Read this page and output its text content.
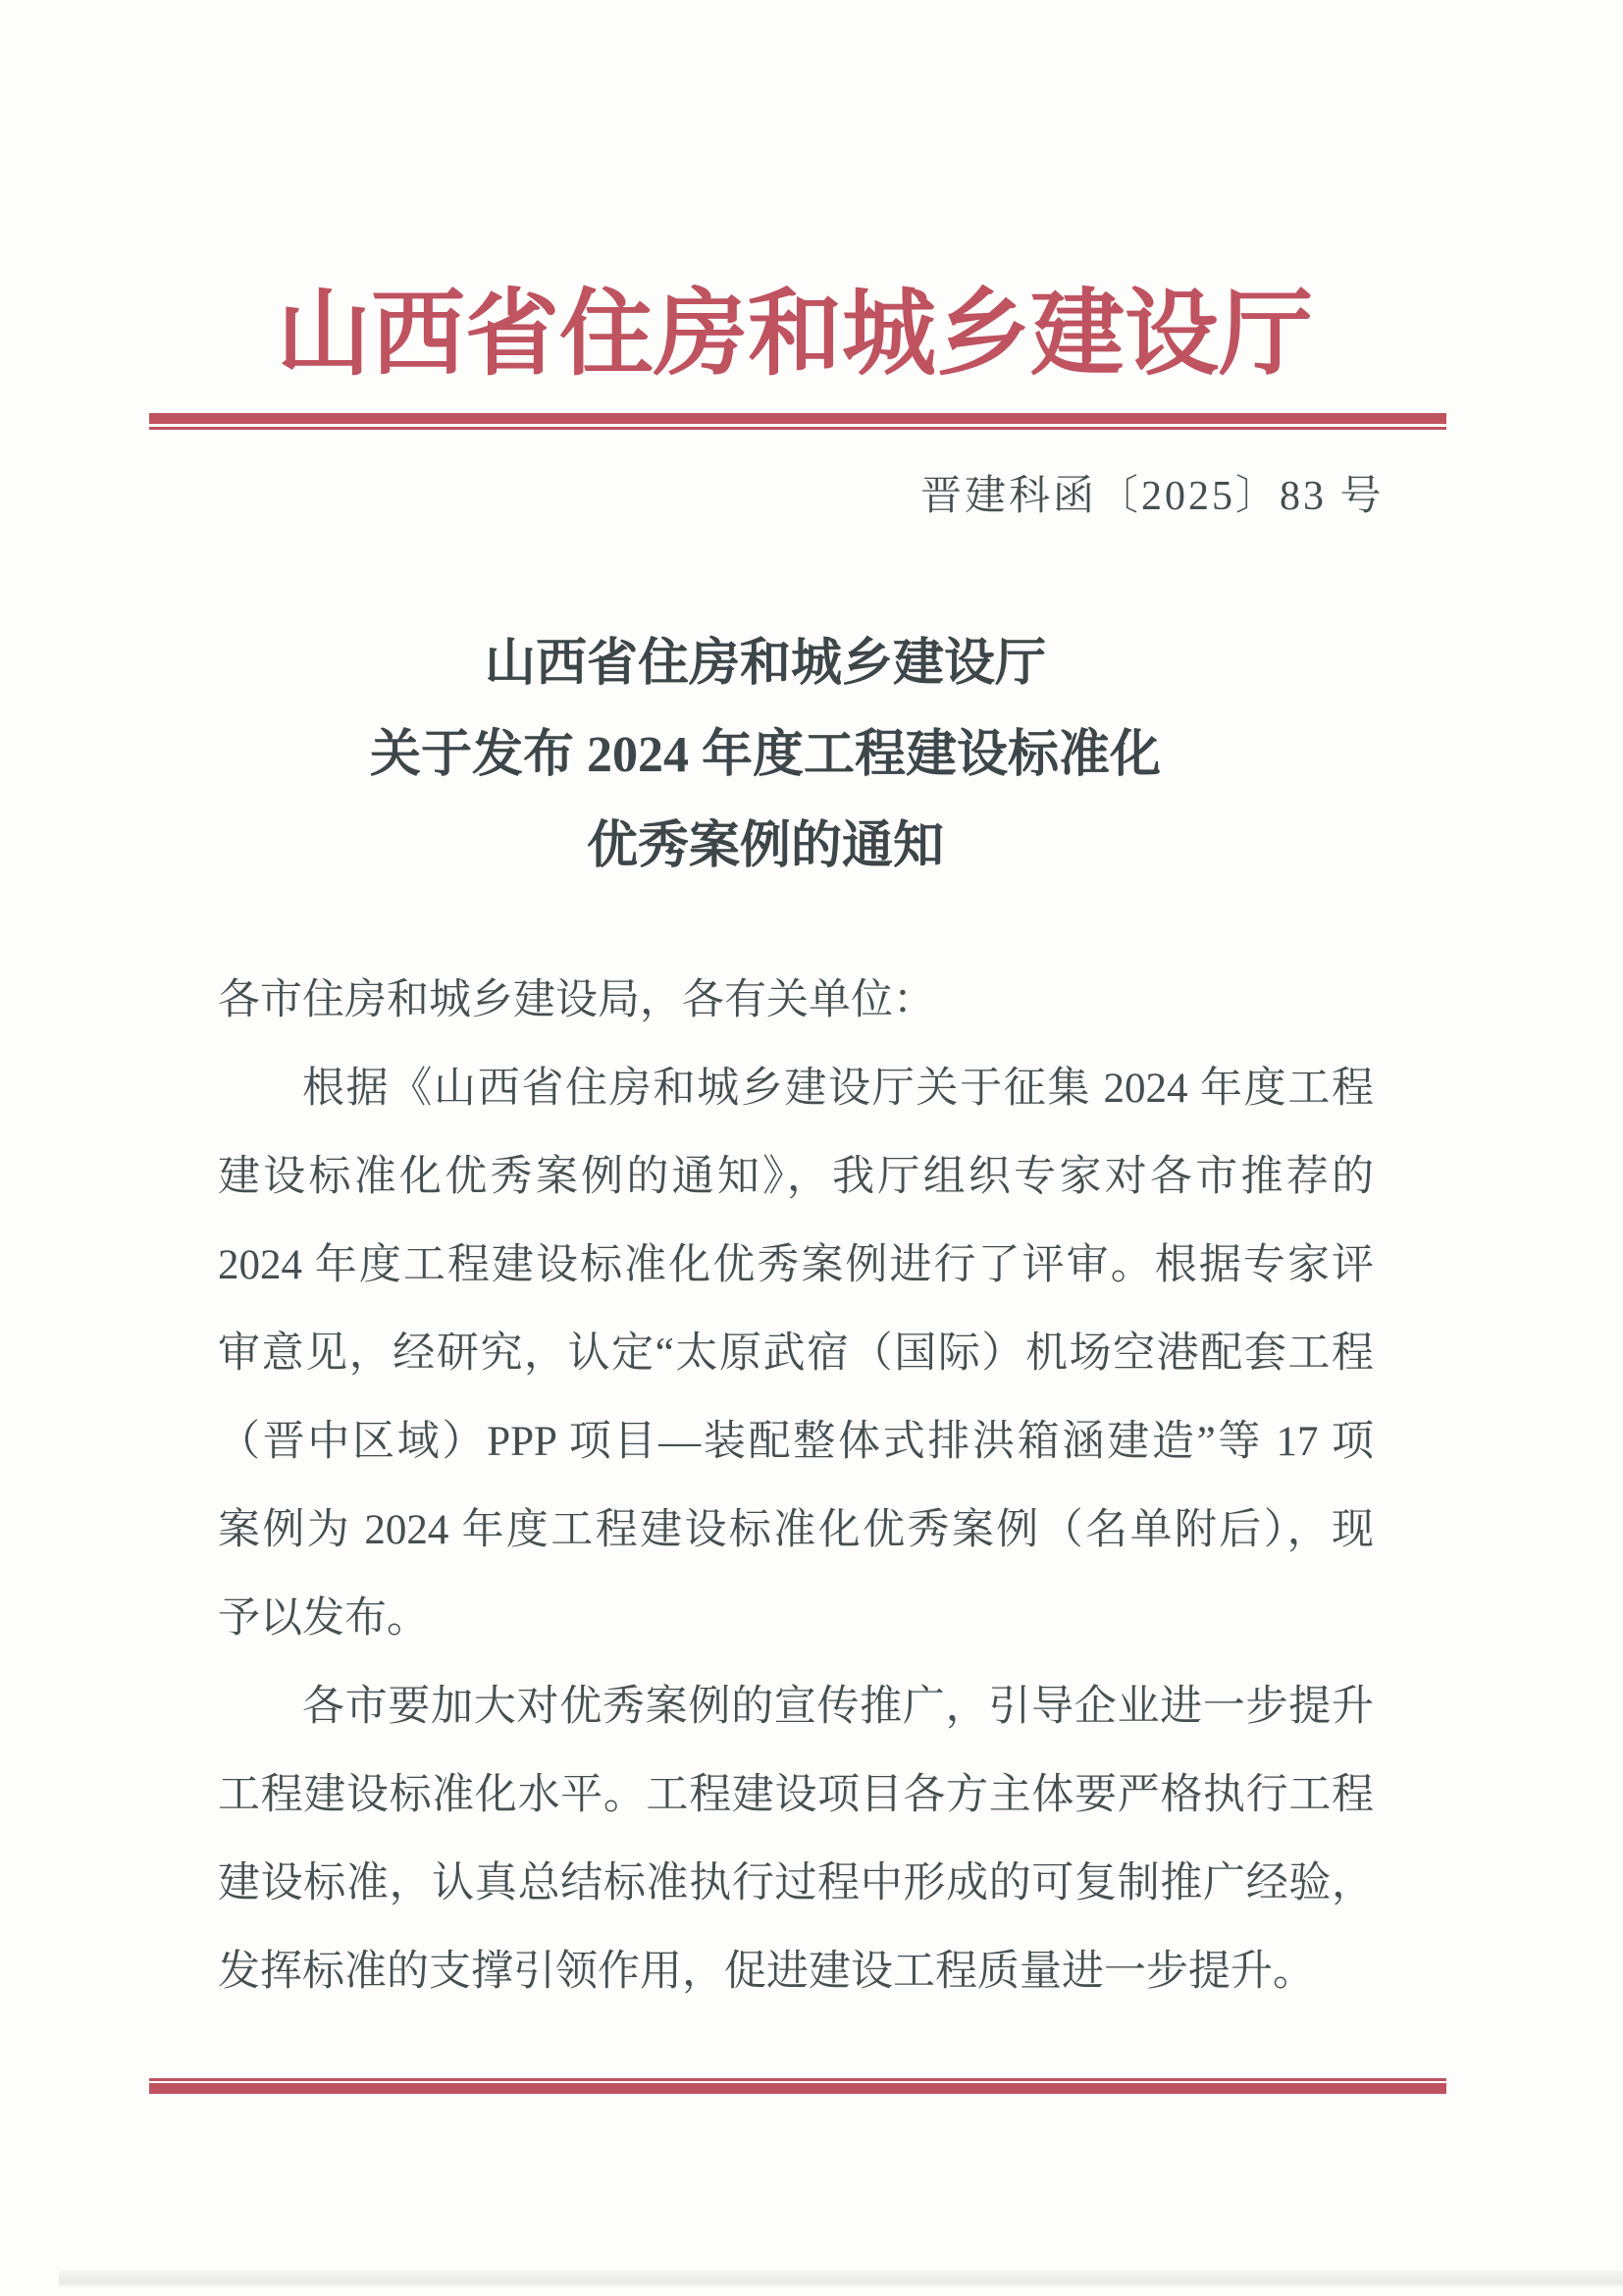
山西省住房和城乡建设厅
晋建科函〔2025〕83 号
山西省住房和城乡建设厅
关于发布 2024 年度工程建设标准化
优秀案例的通知
各市住房和城乡建设局，各有关单位：
根据《山西省住房和城乡建设厅关于征集 2024 年度工程
建设标准化优秀案例的通知》，我厅组织专家对各市推荐的
2024 年度工程建设标准化优秀案例进行了评审。根据专家评
审意见，经研究，认定“太原武宿（国际）机场空港配套工程
（晋中区域）PPP 项目—装配整体式排洪箱涵建造”等 17 项
案例为 2024 年度工程建设标准化优秀案例（名单附后），现
予以发布。
各市要加大对优秀案例的宣传推广，引导企业进一步提升
工程建设标准化水平。工程建设项目各方主体要严格执行工程
建设标准，认真总结标准执行过程中形成的可复制推广经验，
发挥标准的支撑引领作用，促进建设工程质量进一步提升。
